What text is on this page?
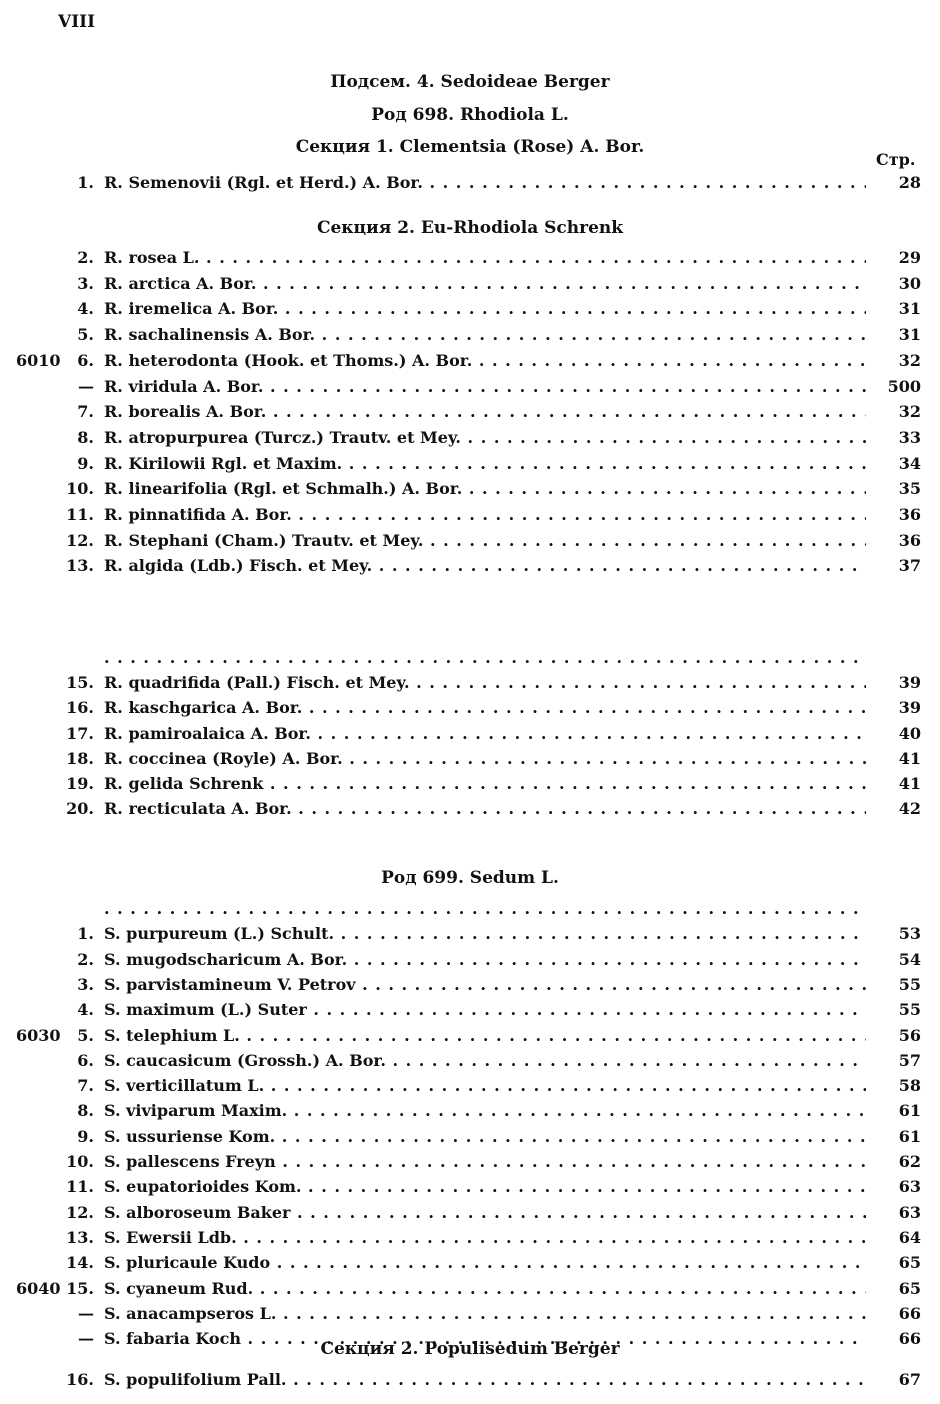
VIII
Подсем. 4. Sedoideae Berger
Род 698. Rhodiola L.
Секция 1. Clementsia (Rose) A. Bor.
Стр.
1. R. Semenovii (Rgl. et Herd.) A. Bor. . . .	28
Секция 2. Eu-Rhodiola Schrenk
2. R. rosea L. . . .	29
3. R. arctica A. Bor. . . .	30
4. R. iremelica A. Bor. . . .	31
5. R. sachalinensis A. Bor. . . .	31
6010	6. R. heterodonta (Hook. et Thoms.) A. Bor. . . .	32
— R. viridula A. Bor. . . .	500
7. R. borealis A. Bor. . . .	32
8. R. atropurpurea (Turcz.) Trautv. et Mey. . . .	33
9. R. Kirilowii Rgl. et Maxim. . . .	34
10. R. linearifolia (Rgl. et Schmalh.) A. Bor. . . .	35
11. R. pinnatifida A. Bor. . . .	36
12. R. Stephani (Cham.) Trautv. et Mey. . . .	36
13. R. algida (Ldb.) Fisch. et Mey. . . .	37
. . .
15. R. quadrifida (Pall.) Fisch. et Mey. . . .	39
16. R. kaschgarica A. Bor. . . .	39
17. R. pamiroalaica A. Bor. . . .	40
18. R. coccinea (Royle) A. Bor. . . .	41
19. R. gelida Schrenk . . .	41
20. R. recticulata A. Bor. . . .	42
Род 699. Sedum L.
. . .
1. S. purpureum (L.) Schult. . . .	53
2. S. mugodscharicum A. Bor. . . .	54
3. S. parvistamineum V. Petrov . . .	55
4. S. maximum (L.) Suter . . .	55
6030	5. S. telephium L. . . .	56
6. S. caucasicum (Grossh.) A. Bor. . . .	57
7. S. verticillatum L. . . .	58
8. S. viviparum Maxim. . . .	61
9. S. ussuriense Kom. . . .	61
10. S. pallescens Freyn . . .	62
11. S. eupatorioides Kom. . . .	63
12. S. alboroseum Baker . . .	63
13. S. Ewersii Ldb. . . .	64
14. S. pluricaule Kudo . . .	65
6040 15. S. cyaneum Rud. . . .	65
— S. anacampseros L. . . .	66
— S. fabaria Koch . . .	66
Секция 2. Populisedum Berger
16. S. populifolium Pall. . . .	67
